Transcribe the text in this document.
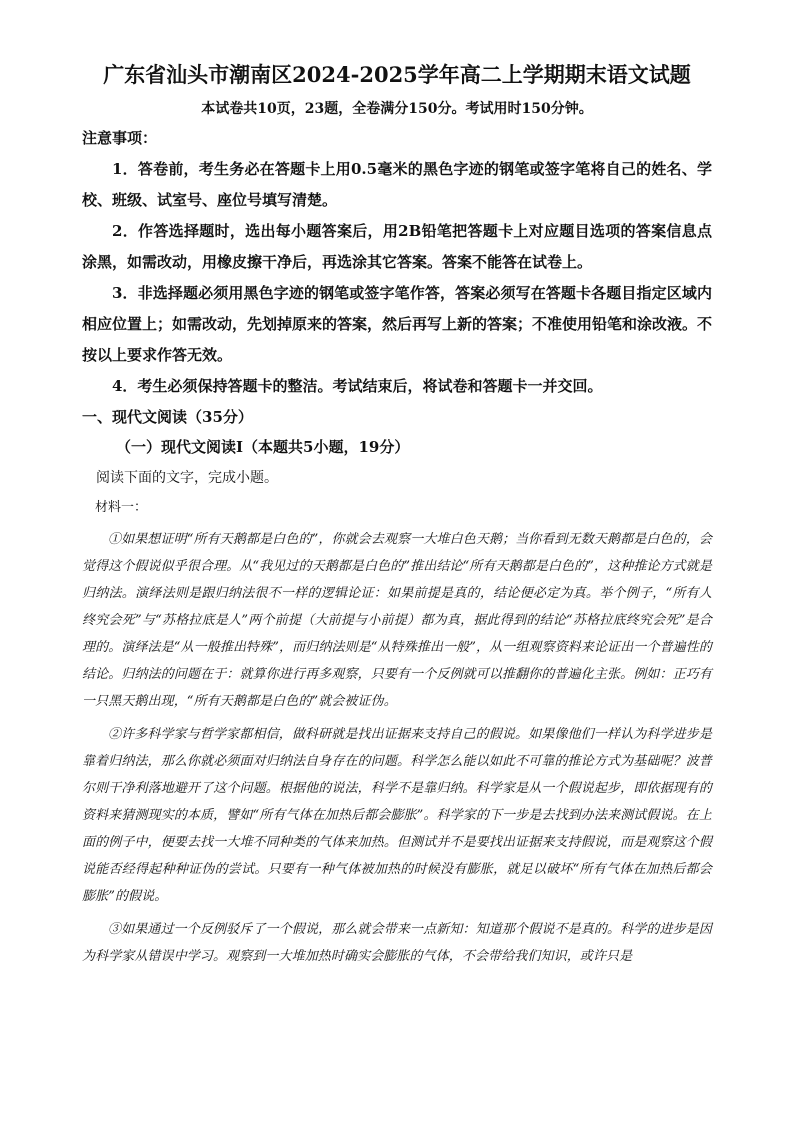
广东省汕头市潮南区2024-2025学年高二上学期期末语文试题
本试卷共10页，23题，全卷满分150分。考试用时150分钟。
注意事项：

1．答卷前，考生务必在答题卡上用0.5毫米的黑色字迹的钢笔或签字笔将自己的姓名、学校、班级、试室号、座位号填写清楚。

2．作答选择题时，选出每小题答案后，用2B铅笔把答题卡上对应题目选项的答案信息点涂黑，如需改动，用橡皮擦干净后，再选涂其它答案。答案不能答在试卷上。

3．非选择题必须用黑色字迹的钢笔或签字笔作答，答案必须写在答题卡各题目指定区域内相应位置上；如需改动，先划掉原来的答案，然后再写上新的答案；不准使用铅笔和涂改液。不按以上要求作答无效。

4．考生必须保持答题卡的整洁。考试结束后，将试卷和答题卡一并交回。

一、现代文阅读（35分）
（一）现代文阅读Ⅰ（本题共5小题，19分）
阅读下面的文字，完成小题。
材料一：

①如果想证明“所有天鹅都是白色的”，你就会去观察一大堆白色天鹅；当你看到无数天鹅都是白色的，会觉得这个假说似乎很合理。从“我见过的天鹅都是白色的”推出结论“所有天鹅都是白色的”，这种推论方式就是归纳法。演绎法则是跟归纳法很不一样的逻辑论证：如果前提是真的，结论便必定为真。举个例子，“所有人终究会死”与“苏格拉底是人”两个前提（大前提与小前提）都为真，据此得到的结论“苏格拉底终究会死”是合理的。演绎法是“从一般推出特殊”，而归纳法则是“从特殊推出一般”，从一组观察资料来论证出一个普遍性的结论。归纳法的问题在于：就算你进行再多观察，只要有一个反例就可以推翻你的普遍化主张。例如：正巧有一只黑天鹅出现，“所有天鹅都是白色的”就会被证伪。

②许多科学家与哲学家都相信，做科研就是找出证据来支持自己的假说。如果像他们一样认为科学进步是靠着归纳法，那么你就必须面对归纳法自身存在的问题。科学怎么能以如此不可靠的推论方式为基础呢？波普尔则干净利落地避开了这个问题。根据他的说法，科学不是靠归纳。科学家是从一个假说起步，即依据现有的资料来猜测现实的本质，譬如“所有气体在加热后都会膨胀”。科学家的下一步是去找到办法来测试假说。在上面的例子中，便要去找一大堆不同种类的气体来加热。但测试并不是要找出证据来支持假说，而是观察这个假说能否经得起种种证伪的尝试。只要有一种气体被加热的时候没有膨胀，就足以破坏“所有气体在加热后都会膨胀”的假说。

③如果通过一个反例驳斥了一个假说，那么就会带来一点新知：知道那个假说不是真的。科学的进步是因为科学家从错误中学习。观察到一大堆加热时确实会膨胀的气体，不会带给我们知识，或许只是
